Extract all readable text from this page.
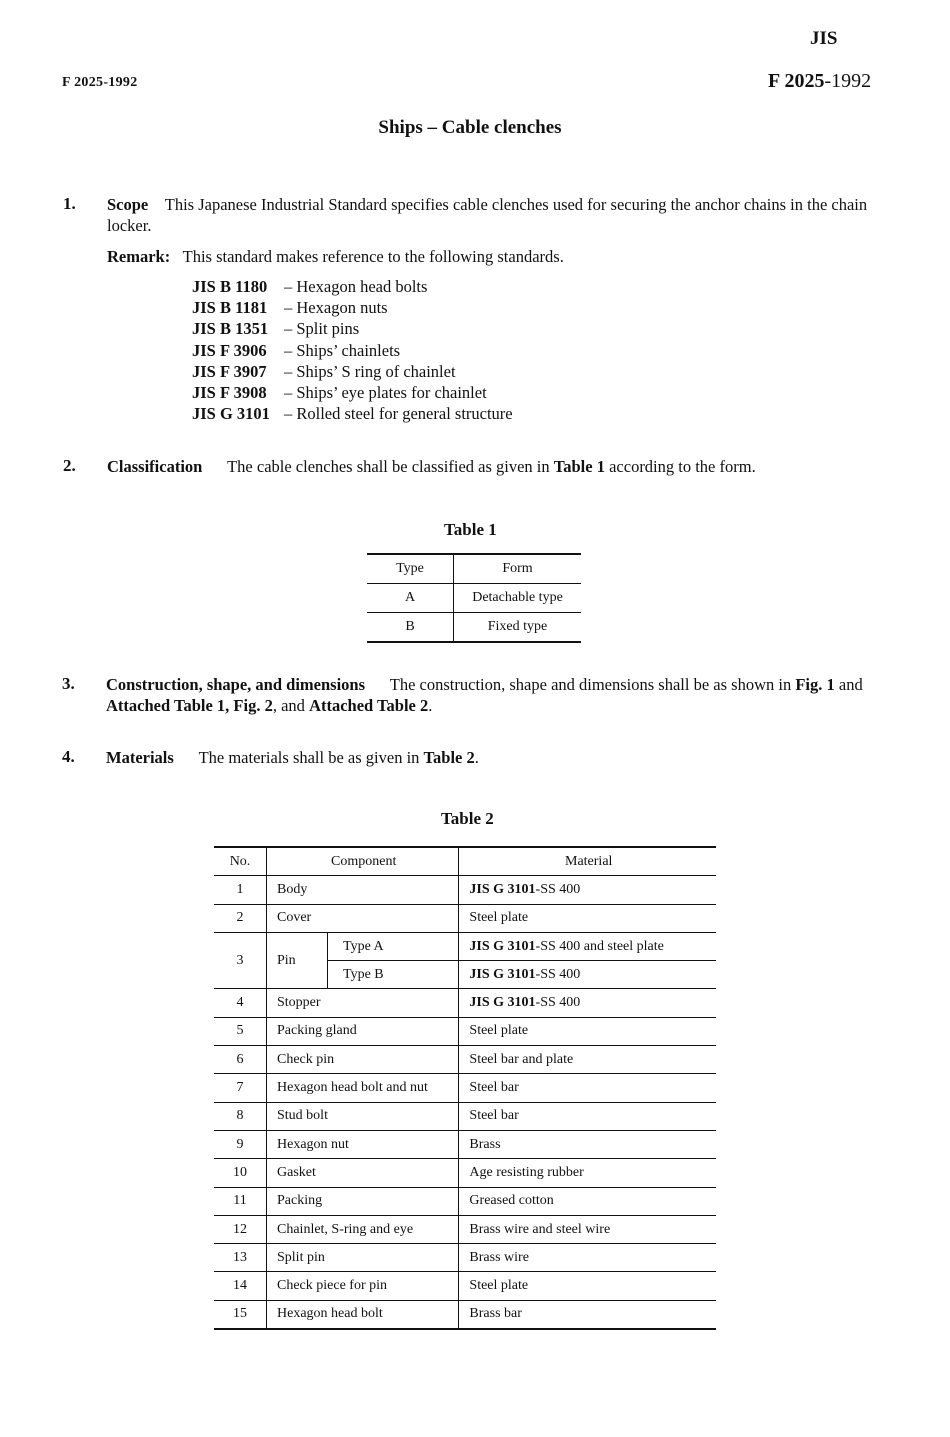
JIS
F 2025-1992	F 2025-1992
Ships – Cable clenches
1. Scope This Japanese Industrial Standard specifies cable clenches used for securing the anchor chains in the chain locker.
Remark: This standard makes reference to the following standards.
JIS B 1180 – Hexagon head bolts
JIS B 1181 – Hexagon nuts
JIS B 1351 – Split pins
JIS F 3906 – Ships’ chainlets
JIS F 3907 – Ships’ S ring of chainlet
JIS F 3908 – Ships’ eye plates for chainlet
JIS G 3101 – Rolled steel for general structure
2. Classification The cable clenches shall be classified as given in Table 1 according to the form.
Table 1
Type	Form
A	Detachable type
B	Fixed type
3. Construction, shape, and dimensions The construction, shape and dimensions shall be as shown in Fig. 1 and Attached Table 1, Fig. 2, and Attached Table 2.
4. Materials The materials shall be as given in Table 2.
Table 2
No.	Component		Material
1	Body		JIS G 3101-SS 400
2	Cover		Steel plate
3	Pin	Type A	JIS G 3101-SS 400 and steel plate
		Type B	JIS G 3101-SS 400
4	Stopper		JIS G 3101-SS 400
5	Packing gland		Steel plate
6	Check pin		Steel bar and plate
7	Hexagon head bolt and nut		Steel bar
8	Stud bolt		Steel bar
9	Hexagon nut		Brass
10	Gasket		Age resisting rubber
11	Packing		Greased cotton
12	Chainlet, S-ring and eye		Brass wire and steel wire
13	Split pin		Brass wire
14	Check piece for pin		Steel plate
15	Hexagon head bolt		Brass bar
